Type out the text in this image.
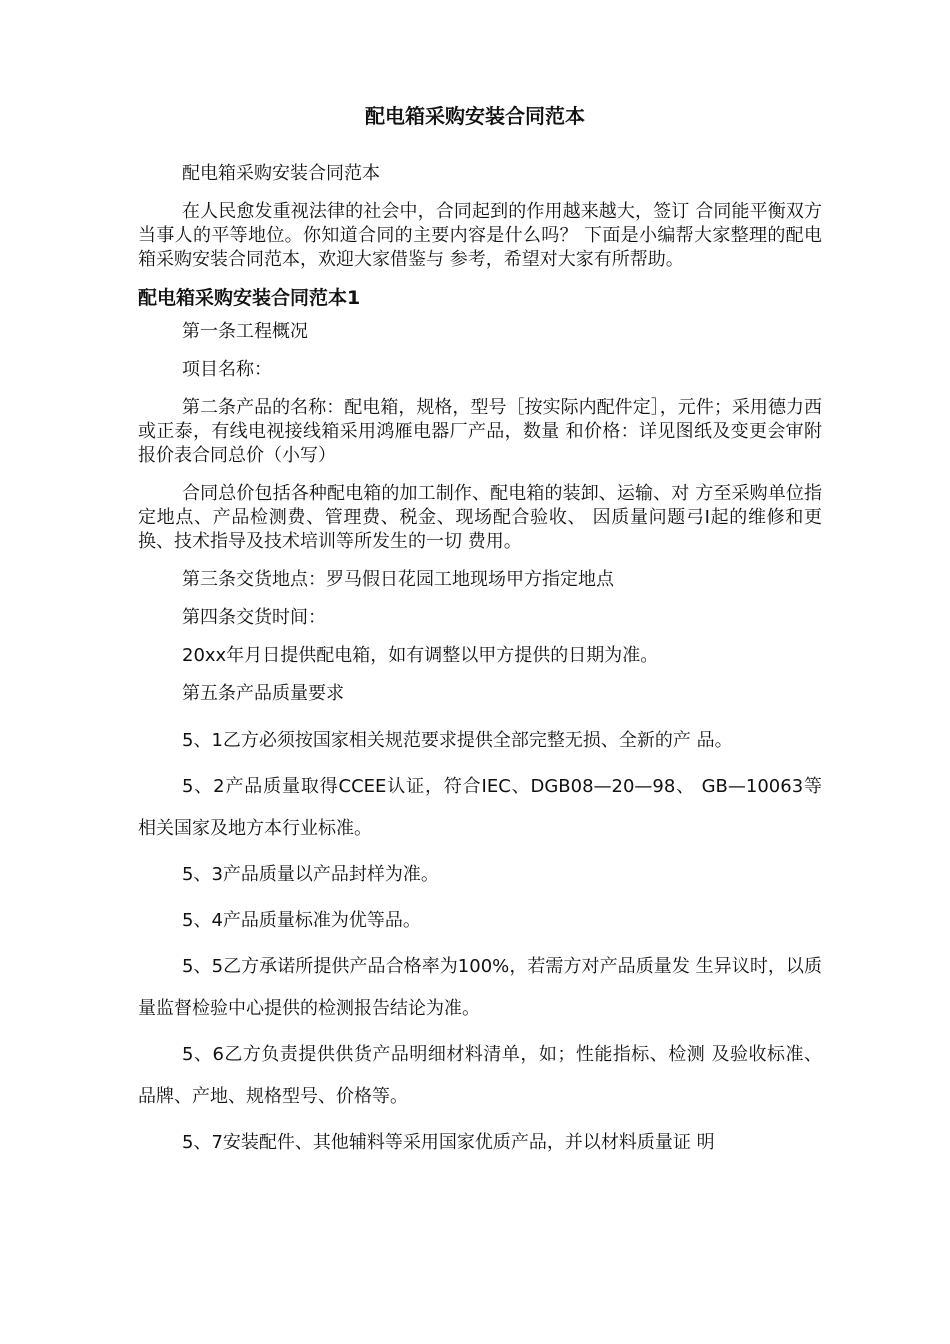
配电箱采购安装合同范本

配电箱采购安装合同范本

在人民愈发重视法律的社会中，合同起到的作用越来越大，签订 合同能平衡双方当事人的平等地位。你知道合同的主要内容是什么吗？ 下面是小编帮大家整理的配电箱采购安装合同范本，欢迎大家借鉴与 参考，希望对大家有所帮助。

配电箱采购安装合同范本1

第一条工程概况

项目名称：

第二条产品的名称：配电箱，规格，型号［按实际内配件定］，元件；采用德力西或正泰，有线电视接线箱采用鸿雁电器厂产品，数量 和价格：详见图纸及变更会审附报价表合同总价（小写）

合同总价包括各种配电箱的加工制作、配电箱的装卸、运输、对 方至采购单位指定地点、产品检测费、管理费、税金、现场配合验收、 因质量问题弓I起的维修和更换、技术指导及技术培训等所发生的一切 费用。

第三条交货地点：罗马假日花园工地现场甲方指定地点

第四条交货时间：

20xx年月日提供配电箱，如有调整以甲方提供的日期为准。

第五条产品质量要求

5、1乙方必须按国家相关规范要求提供全部完整无损、全新的产 品。

5、2产品质量取得CCEE认证，符合IEC、DGB08—20—98、 GB—10063等相关国家及地方本行业标准。

5、3产品质量以产品封样为准。

5、4产品质量标准为优等品。

5、5乙方承诺所提供产品合格率为100%，若需方对产品质量发 生异议时，以质量监督检验中心提供的检测报告结论为准。

5、6乙方负责提供供货产品明细材料清单，如；性能指标、检测 及验收标准、品牌、产地、规格型号、价格等。

5、7安装配件、其他辅料等采用国家优质产品，并以材料质量证 明
